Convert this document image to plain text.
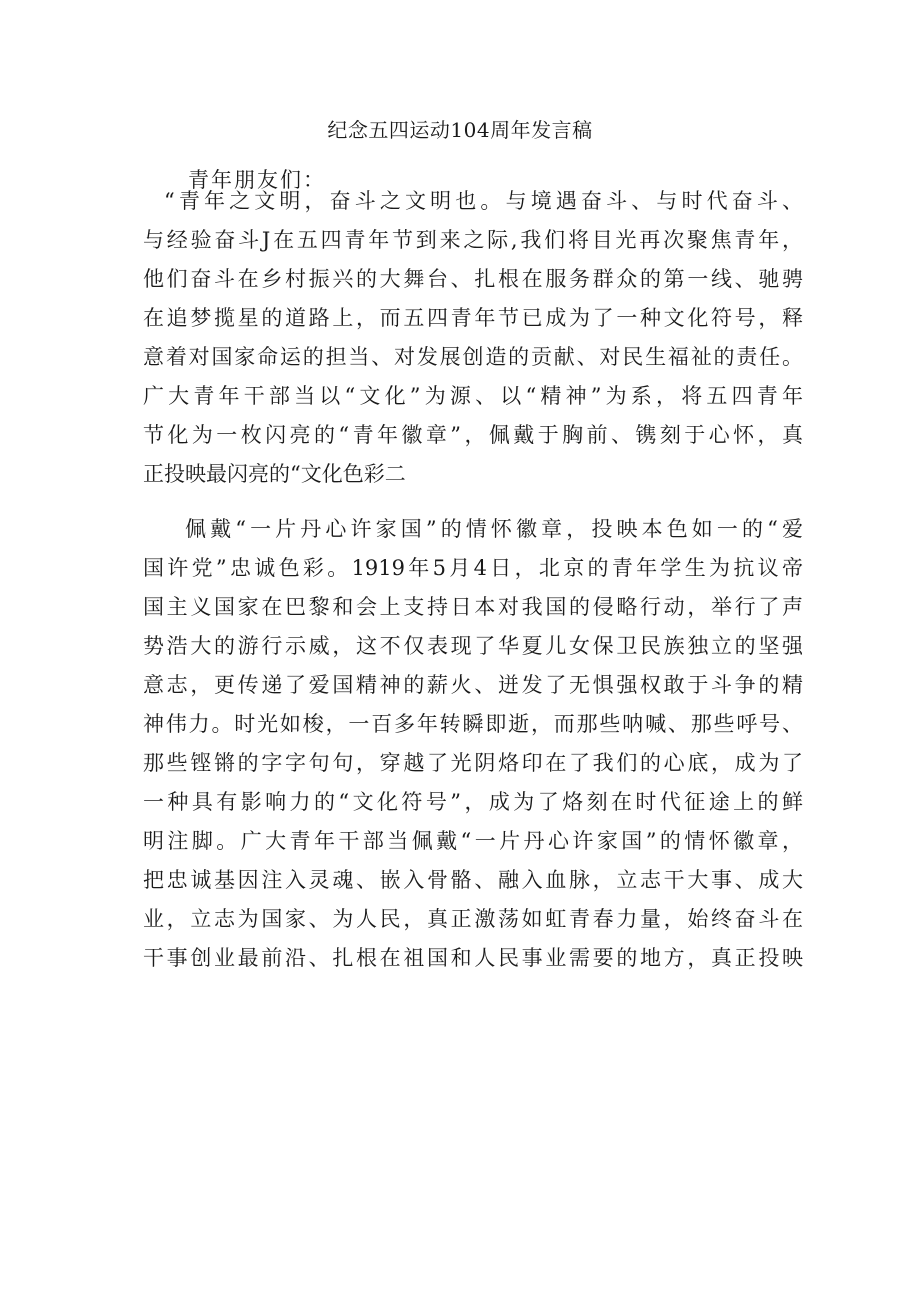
纪念五四运动104周年发言稿
青年朋友们：
“青年之文明，奋斗之文明也。与境遇奋斗、与时代奋斗、
与经验奋斗J在五四青年节到来之际,我们将目光再次聚焦青年，
他们奋斗在乡村振兴的大舞台、扎根在服务群众的第一线、驰骋
在追梦揽星的道路上，而五四青年节已成为了一种文化符号，释
意着对国家命运的担当、对发展创造的贡献、对民生福祉的责任。
广大青年干部当以“文化”为源、以“精神”为系，将五四青年
节化为一枚闪亮的“青年徽章”，佩戴于胸前、镌刻于心怀，真
正投映最闪亮的“文化色彩二
佩戴“一片丹心许家国”的情怀徽章，投映本色如一的“爱
国许党”忠诚色彩。1919年5月4日，北京的青年学生为抗议帝
国主义国家在巴黎和会上支持日本对我国的侵略行动，举行了声
势浩大的游行示威，这不仅表现了华夏儿女保卫民族独立的坚强
意志，更传递了爱国精神的薪火、迸发了无惧强权敢于斗争的精
神伟力。时光如梭，一百多年转瞬即逝，而那些呐喊、那些呼号、
那些铿锵的字字句句，穿越了光阴烙印在了我们的心底，成为了
一种具有影响力的“文化符号”，成为了烙刻在时代征途上的鲜
明注脚。广大青年干部当佩戴“一片丹心许家国”的情怀徽章，
把忠诚基因注入灵魂、嵌入骨骼、融入血脉，立志干大事、成大
业，立志为国家、为人民，真正激荡如虹青春力量，始终奋斗在
干事创业最前沿、扎根在祖国和人民事业需要的地方，真正投映
